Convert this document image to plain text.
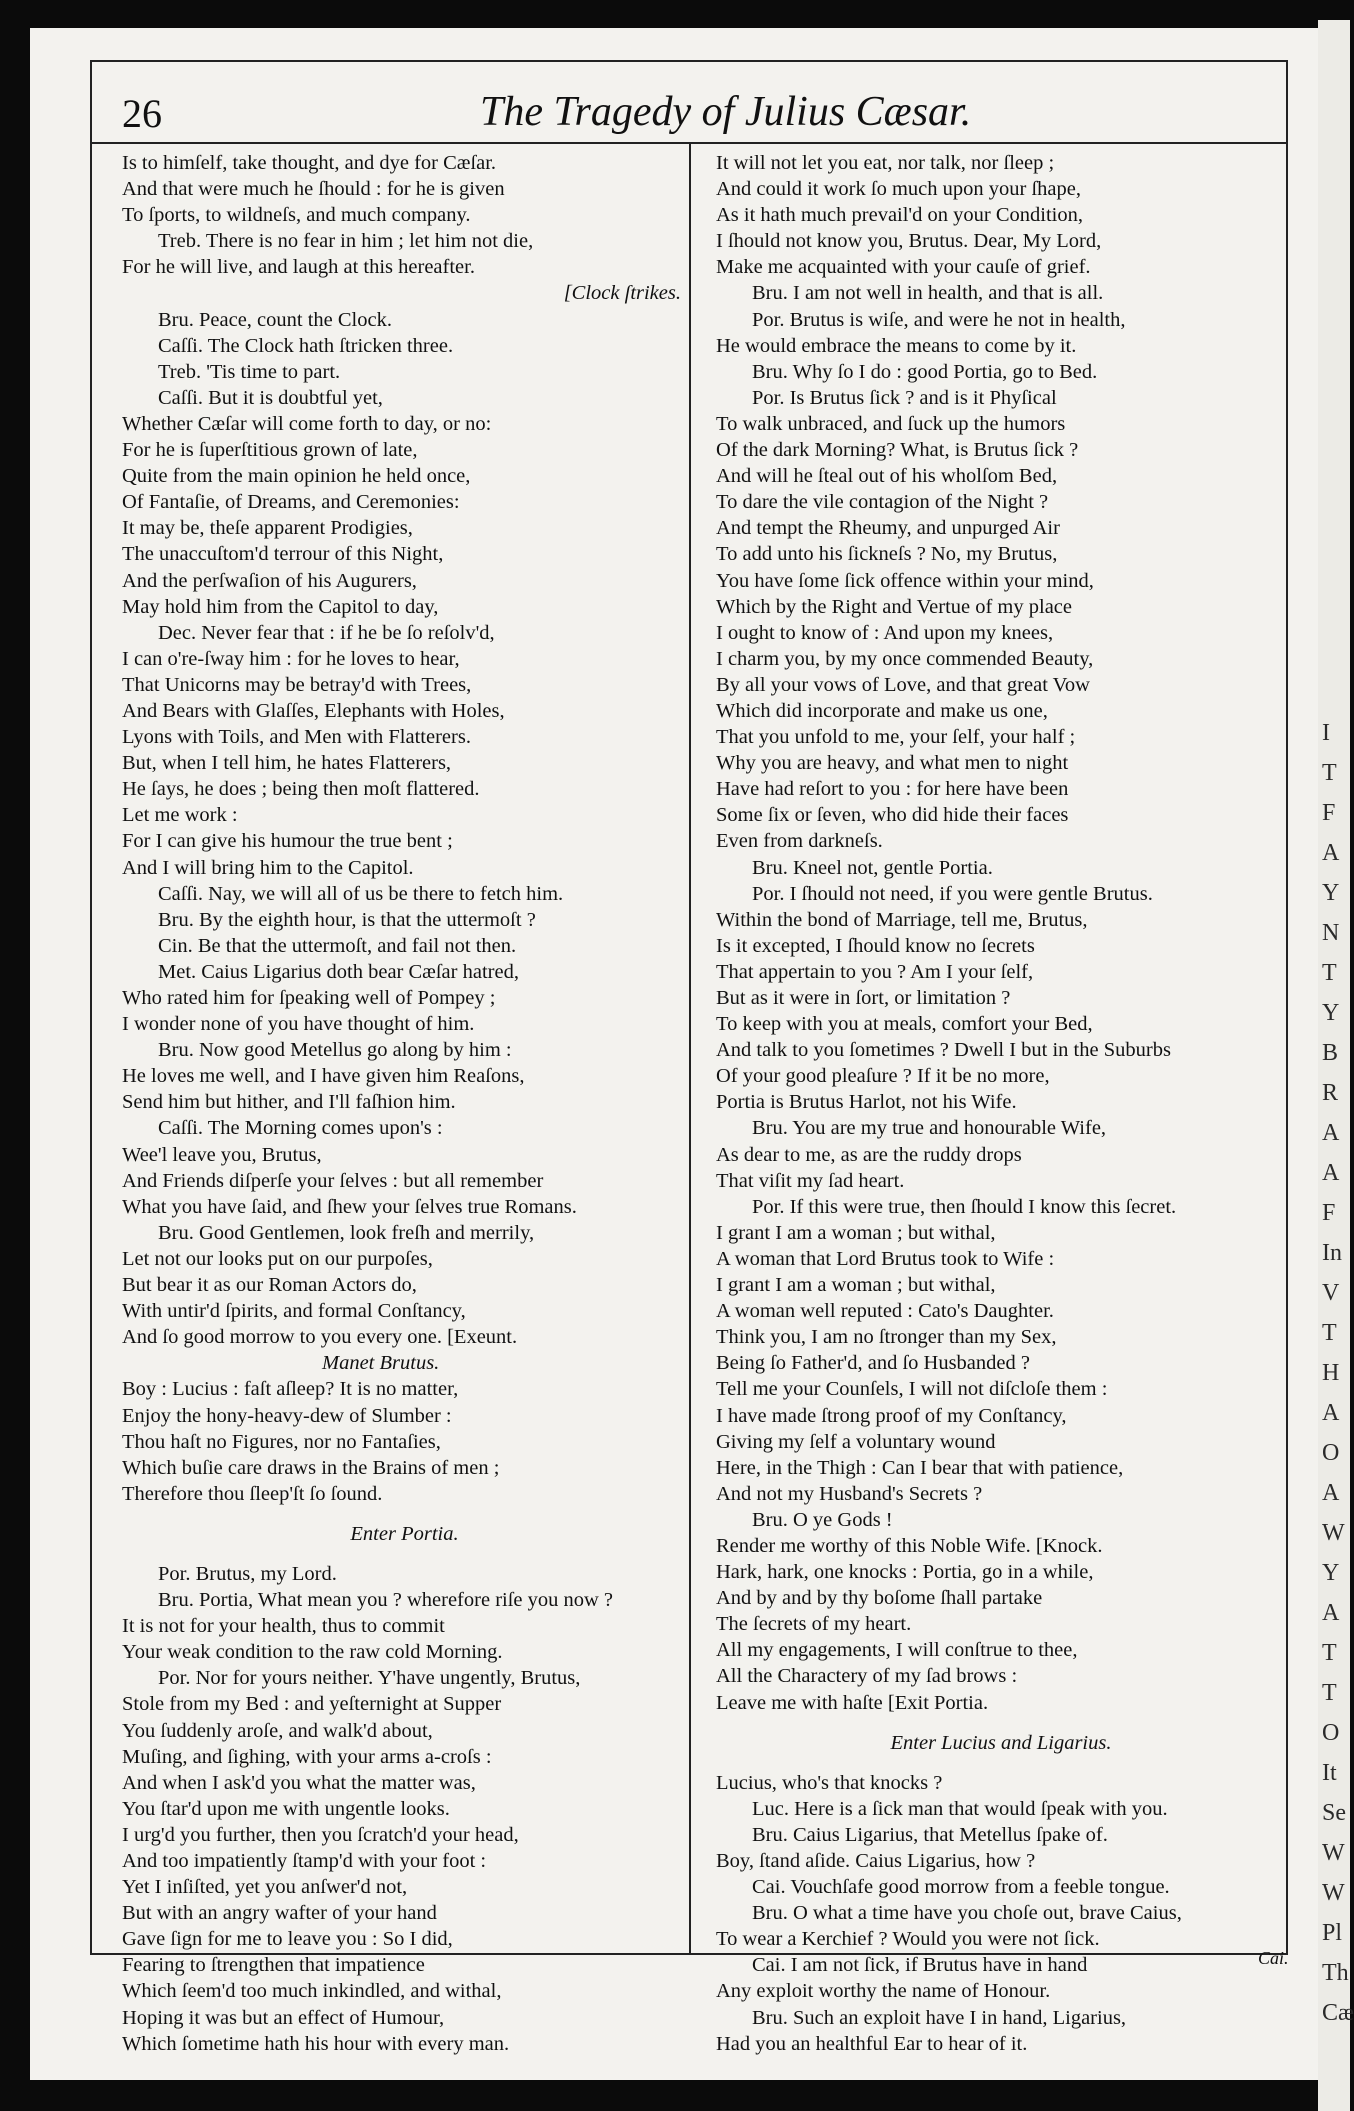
I
T
F
A
Y
N
T
Y
B
R
A
A
F
In
V
T
H
A
O
A
W
Y
A
T
T
O
It
Se
W
W
Pl
Th
Cæ
26	The Tragedy of Julius Cæsar.
Is to himſelf, take thought, and dye for Cæſar.
And that were much he ſhould : for he is given
To ſports, to wildneſs, and much company.
Treb. There is no fear in him ; let him not die,
For he will live, and laugh at this hereafter.
[Clock ſtrikes.
Bru. Peace, count the Clock.
Caſſi. The Clock hath ſtricken three.
Treb. 'Tis time to part.
Caſſi. But it is doubtful yet,
Whether Cæſar will come forth to day, or no:
For he is ſuperſtitious grown of late,
Quite from the main opinion he held once,
Of Fantaſie, of Dreams, and Ceremonies:
It may be, theſe apparent Prodigies,
The unaccuſtom'd terrour of this Night,
And the perſwaſion of his Augurers,
May hold him from the Capitol to day,
Dec. Never fear that : if he be ſo reſolv'd,
I can o're-ſway him : for he loves to hear,
That Unicorns may be betray'd with Trees,
And Bears with Glaſſes, Elephants with Holes,
Lyons with Toils, and Men with Flatterers.
But, when I tell him, he hates Flatterers,
He ſays, he does ; being then moſt flattered.
Let me work :
For I can give his humour the true bent ;
And I will bring him to the Capitol.
Caſſi. Nay, we will all of us be there to fetch him.
Bru. By the eighth hour, is that the uttermoſt ?
Cin. Be that the uttermoſt, and fail not then.
Met. Caius Ligarius doth bear Cæſar hatred,
Who rated him for ſpeaking well of Pompey ;
I wonder none of you have thought of him.
Bru. Now good Metellus go along by him :
He loves me well, and I have given him Reaſons,
Send him but hither, and I'll faſhion him.
Caſſi. The Morning comes upon's :
Wee'l leave you, Brutus,
And Friends diſperſe your ſelves : but all remember
What you have ſaid, and ſhew your ſelves true Romans.
Bru. Good Gentlemen, look freſh and merrily,
Let not our looks put on our purpoſes,
But bear it as our Roman Actors do,
With untir'd ſpirits, and formal Conſtancy,
And ſo good morrow to you every one. [Exeunt.
Manet Brutus.
Boy : Lucius : faſt aſleep? It is no matter,
Enjoy the hony-heavy-dew of Slumber :
Thou haſt no Figures, nor no Fantaſies,
Which buſie care draws in the Brains of men ;
Therefore thou ſleep'ſt ſo ſound.
Enter Portia.
Por. Brutus, my Lord.
Bru. Portia, What mean you ? wherefore riſe you now ?
It is not for your health, thus to commit
Your weak condition to the raw cold Morning.
Por. Nor for yours neither. Y'have ungently, Brutus,
Stole from my Bed : and yeſternight at Supper
You ſuddenly aroſe, and walk'd about,
Muſing, and ſighing, with your arms a-croſs :
And when I ask'd you what the matter was,
You ſtar'd upon me with ungentle looks.
I urg'd you further, then you ſcratch'd your head,
And too impatiently ſtamp'd with your foot :
Yet I inſiſted, yet you anſwer'd not,
But with an angry wafter of your hand
Gave ſign for me to leave you : So I did,
Fearing to ſtrengthen that impatience
Which ſeem'd too much inkindled, and withal,
Hoping it was but an effect of Humour,
Which ſometime hath his hour with every man.
It will not let you eat, nor talk, nor ſleep ;
And could it work ſo much upon your ſhape,
As it hath much prevail'd on your Condition,
I ſhould not know you, Brutus. Dear, My Lord,
Make me acquainted with your cauſe of grief.
Bru. I am not well in health, and that is all.
Por. Brutus is wiſe, and were he not in health,
He would embrace the means to come by it.
Bru. Why ſo I do : good Portia, go to Bed.
Por. Is Brutus ſick ? and is it Phyſical
To walk unbraced, and ſuck up the humors
Of the dark Morning? What, is Brutus ſick ?
And will he ſteal out of his wholſom Bed,
To dare the vile contagion of the Night ?
And tempt the Rheumy, and unpurged Air
To add unto his ſickneſs ? No, my Brutus,
You have ſome ſick offence within your mind,
Which by the Right and Vertue of my place
I ought to know of : And upon my knees,
I charm you, by my once commended Beauty,
By all your vows of Love, and that great Vow
Which did incorporate and make us one,
That you unfold to me, your ſelf, your half ;
Why you are heavy, and what men to night
Have had reſort to you : for here have been
Some ſix or ſeven, who did hide their faces
Even from darkneſs.
Bru. Kneel not, gentle Portia.
Por. I ſhould not need, if you were gentle Brutus.
Within the bond of Marriage, tell me, Brutus,
Is it excepted, I ſhould know no ſecrets
That appertain to you ? Am I your ſelf,
But as it were in ſort, or limitation ?
To keep with you at meals, comfort your Bed,
And talk to you ſometimes ? Dwell I but in the Suburbs
Of your good pleaſure ? If it be no more,
Portia is Brutus Harlot, not his Wife.
Bru. You are my true and honourable Wife,
As dear to me, as are the ruddy drops
That viſit my ſad heart.
Por. If this were true, then ſhould I know this ſecret.
I grant I am a woman ; but withal,
A woman that Lord Brutus took to Wife :
I grant I am a woman ; but withal,
A woman well reputed : Cato's Daughter.
Think you, I am no ſtronger than my Sex,
Being ſo Father'd, and ſo Husbanded ?
Tell me your Counſels, I will not diſcloſe them :
I have made ſtrong proof of my Conſtancy,
Giving my ſelf a voluntary wound
Here, in the Thigh : Can I bear that with patience,
And not my Husband's Secrets ?
Bru. O ye Gods !
Render me worthy of this Noble Wife. [Knock.
Hark, hark, one knocks : Portia, go in a while,
And by and by thy boſome ſhall partake
The ſecrets of my heart.
All my engagements, I will conſtrue to thee,
All the Charactery of my ſad brows :
Leave me with haſte [Exit Portia.
Enter Lucius and Ligarius.
Lucius, who's that knocks ?
Luc. Here is a ſick man that would ſpeak with you.
Bru. Caius Ligarius, that Metellus ſpake of.
Boy, ſtand aſide. Caius Ligarius, how ?
Cai. Vouchſafe good morrow from a feeble tongue.
Bru. O what a time have you choſe out, brave Caius,
To wear a Kerchief ? Would you were not ſick.
Cai. I am not ſick, if Brutus have in hand
Any exploit worthy the name of Honour.
Bru. Such an exploit have I in hand, Ligarius,
Had you an healthful Ear to hear of it.
Cai.
